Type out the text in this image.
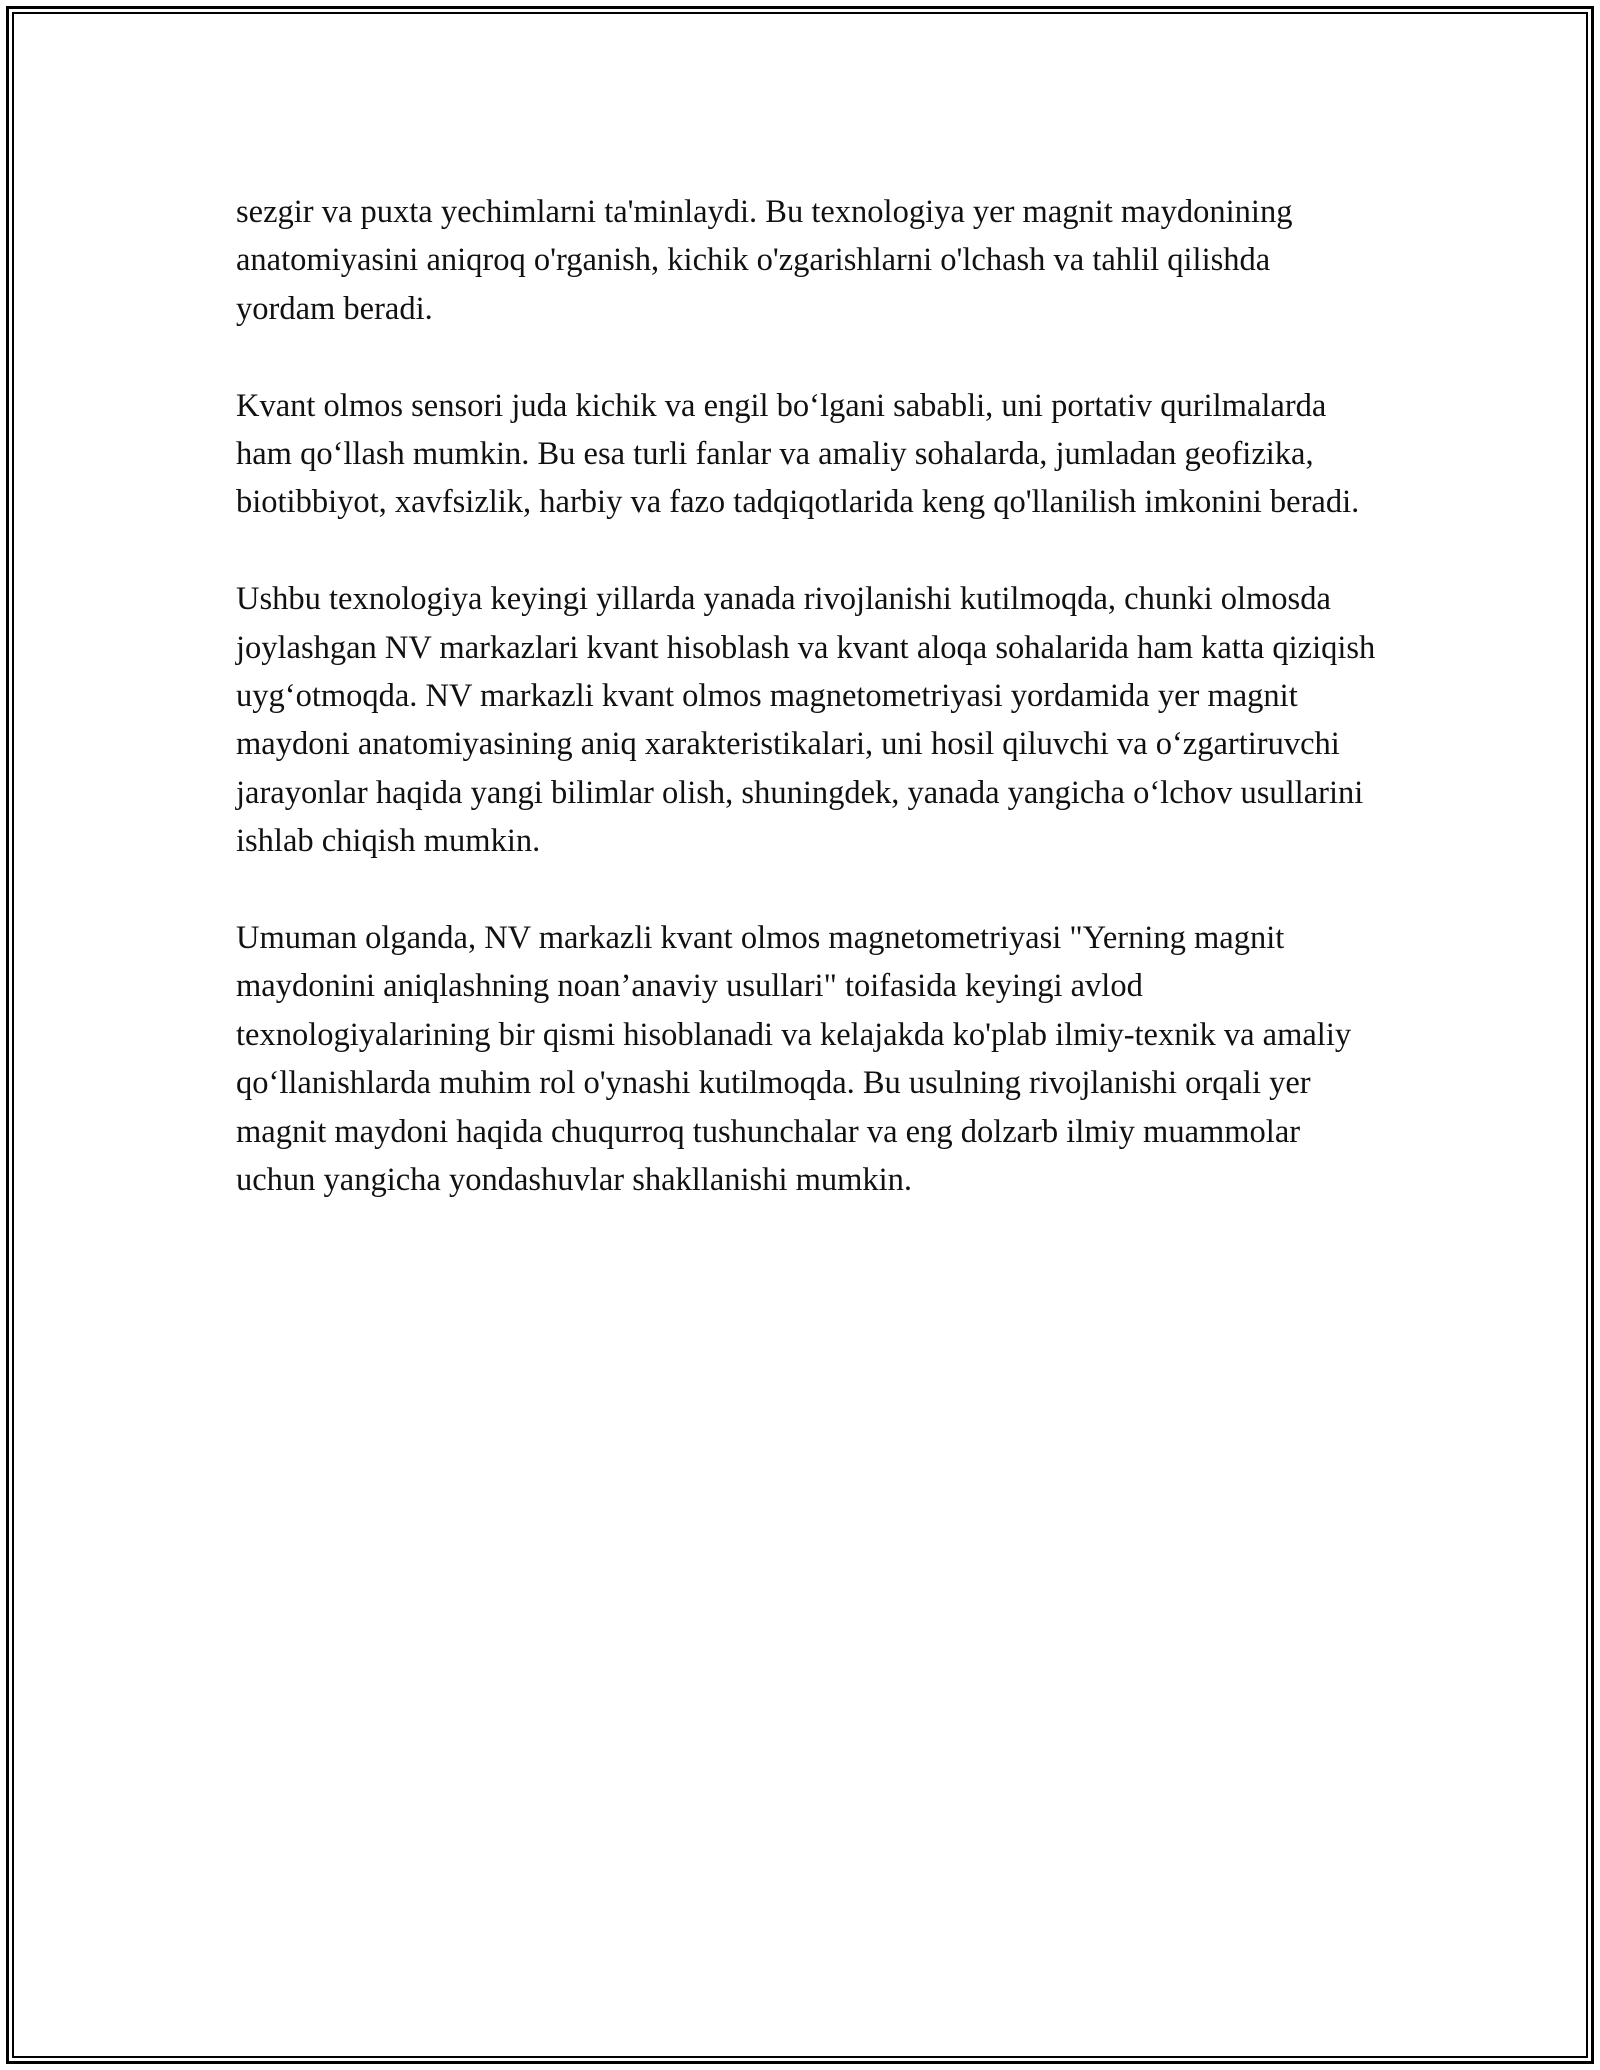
sezgir va puxta yechimlarni ta'minlaydi. Bu texnologiya yer magnit maydonining anatomiyasini aniqroq o'rganish, kichik o'zgarishlarni o'lchash va tahlil qilishda yordam beradi.

Kvant olmos sensori juda kichik va engil bo‘lgani sababli, uni portativ qurilmalarda ham qo‘llash mumkin. Bu esa turli fanlar va amaliy sohalarda, jumladan geofizika, biotibbiyot, xavfsizlik, harbiy va fazo tadqiqotlarida keng qo'llanilish imkonini beradi.

Ushbu texnologiya keyingi yillarda yanada rivojlanishi kutilmoqda, chunki olmosda joylashgan NV markazlari kvant hisoblash va kvant aloqa sohalarida ham katta qiziqish uyg‘otmoqda. NV markazli kvant olmos magnetometriyasi yordamida yer magnit maydoni anatomiyasining aniq xarakteristikalari, uni hosil qiluvchi va o‘zgartiruvchi jarayonlar haqida yangi bilimlar olish, shuningdek, yanada yangicha o‘lchov usullarini ishlab chiqish mumkin.

Umuman olganda, NV markazli kvant olmos magnetometriyasi "Yerning magnit maydonini aniqlashning noan’anaviy usullari" toifasida keyingi avlod texnologiyalarining bir qismi hisoblanadi va kelajakda ko'plab ilmiy-texnik va amaliy qo‘llanishlarda muhim rol o'ynashi kutilmoqda. Bu usulning rivojlanishi orqali yer magnit maydoni haqida chuqurroq tushunchalar va eng dolzarb ilmiy muammolar uchun yangicha yondashuvlar shakllanishi mumkin.
